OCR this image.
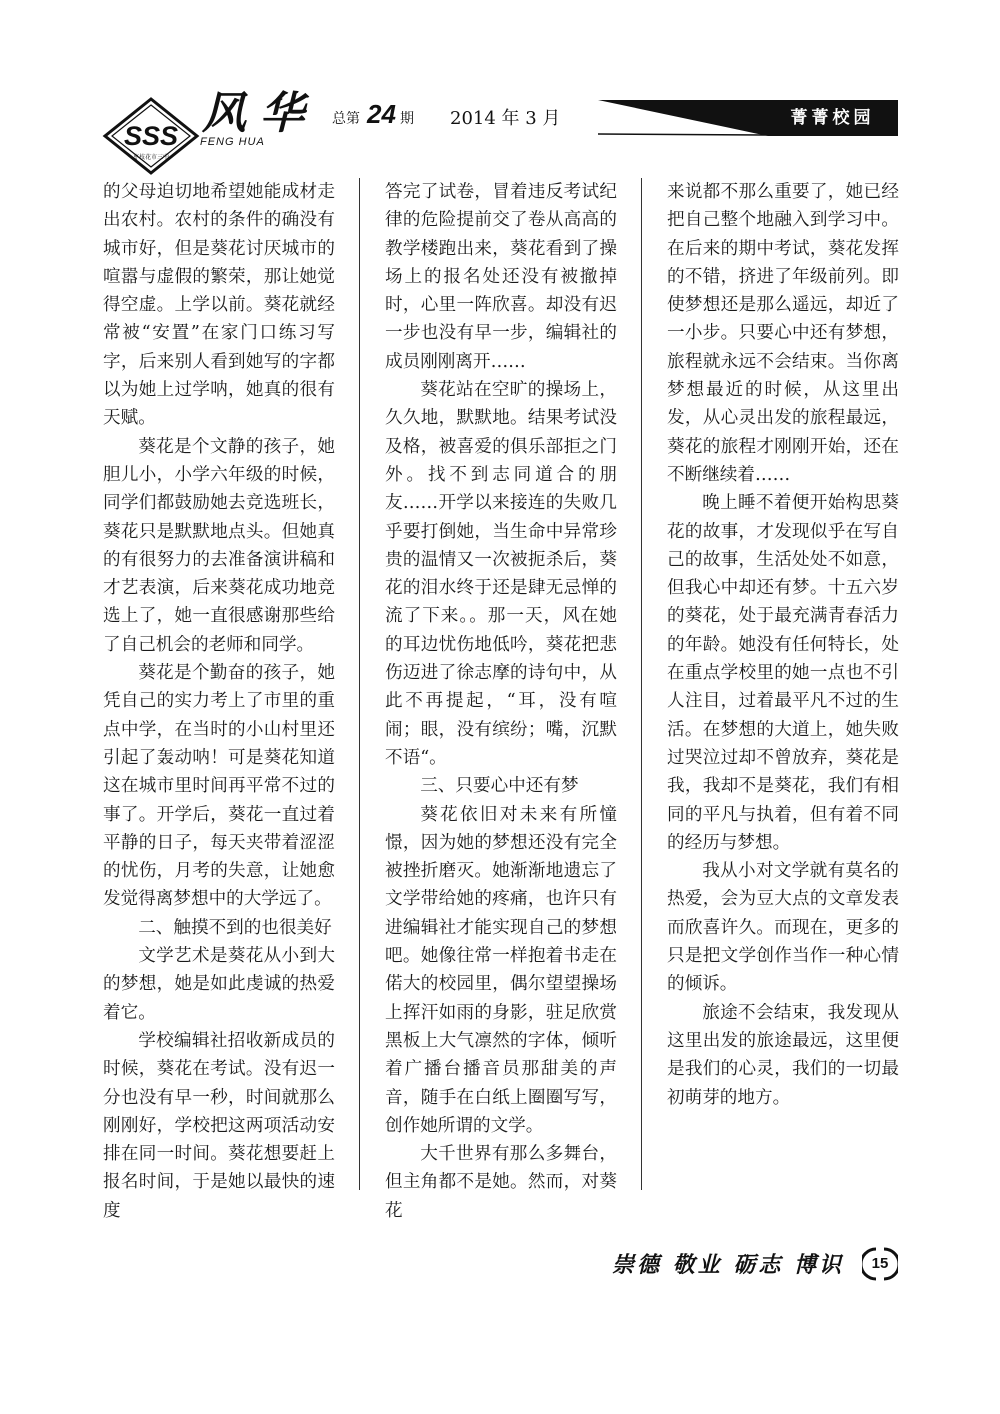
SSS
枣枝花市三中
风华
FENG HUA
总第 24 期 2014 年 3 月	菁菁校园

的父母迫切地希望她能成材走出农村。农村的条件的确没有城市好，但是葵花讨厌城市的喧嚣与虚假的繁荣，那让她觉得空虚。上学以前。葵花就经常被“安置”在家门口练习写字，后来别人看到她写的字都以为她上过学呐，她真的很有天赋。

葵花是个文静的孩子，她胆儿小，小学六年级的时候，同学们都鼓励她去竞选班长，葵花只是默默地点头。但她真的有很努力的去准备演讲稿和才艺表演，后来葵花成功地竞选上了，她一直很感谢那些给了自己机会的老师和同学。

葵花是个勤奋的孩子，她凭自己的实力考上了市里的重点中学，在当时的小山村里还引起了轰动呐！可是葵花知道这在城市里时间再平常不过的事了。开学后，葵花一直过着平静的日子，每天夹带着涩涩的忧伤，月考的失意，让她愈发觉得离梦想中的大学远了。

二、触摸不到的也很美好

文学艺术是葵花从小到大的梦想，她是如此虔诚的热爱着它。

学校编辑社招收新成员的时候，葵花在考试。没有迟一分也没有早一秒，时间就那么刚刚好，学校把这两项活动安排在同一时间。葵花想要赶上报名时间，于是她以最快的速度

答完了试卷，冒着违反考试纪律的危险提前交了卷从高高的教学楼跑出来，葵花看到了操场上的报名处还没有被撤掉时，心里一阵欣喜。却没有迟一步也没有早一步，编辑社的成员刚刚离开……

葵花站在空旷的操场上，久久地，默默地。结果考试没及格，被喜爱的俱乐部拒之门外。找不到志同道合的朋友……开学以来接连的失败几乎要打倒她，当生命中异常珍贵的温情又一次被扼杀后，葵花的泪水终于还是肆无忌惮的流了下来。。那一天，风在她的耳边忧伤地低吟，葵花把悲伤迈进了徐志摩的诗句中，从此不再提起，“耳，没有喧闹；眼，没有缤纷；嘴，沉默不语“。

三、只要心中还有梦

葵花依旧对未来有所憧憬，因为她的梦想还没有完全被挫折磨灭。她渐渐地遗忘了文学带给她的疼痛，也许只有进编辑社才能实现自己的梦想吧。她像往常一样抱着书走在偌大的校园里，偶尔望望操场上挥汗如雨的身影，驻足欣赏黑板上大气凛然的字体，倾听着广播台播音员那甜美的声音，随手在白纸上圈圈写写，创作她所谓的文学。

大千世界有那么多舞台，但主角都不是她。然而，对葵花

来说都不那么重要了，她已经把自己整个地融入到学习中。在后来的期中考试，葵花发挥的不错，挤进了年级前列。即使梦想还是那么遥远，却近了一小步。只要心中还有梦想，旅程就永远不会结束。当你离梦想最近的时候，从这里出发，从心灵出发的旅程最远，葵花的旅程才刚刚开始，还在不断继续着……

晚上睡不着便开始构思葵花的故事，才发现似乎在写自己的故事，生活处处不如意，但我心中却还有梦。十五六岁的葵花，处于最充满青春活力的年龄。她没有任何特长，处在重点学校里的她一点也不引人注目，过着最平凡不过的生活。在梦想的大道上，她失败过哭泣过却不曾放弃，葵花是我，我却不是葵花，我们有相同的平凡与执着，但有着不同的经历与梦想。

我从小对文学就有莫名的热爱，会为豆大点的文章发表而欣喜许久。而现在，更多的只是把文学创作当作一种心情的倾诉。

旅途不会结束，我发现从这里出发的旅途最远，这里便是我们的心灵，我们的一切最初萌芽的地方。

崇德 敬业 砺志 博识	15
